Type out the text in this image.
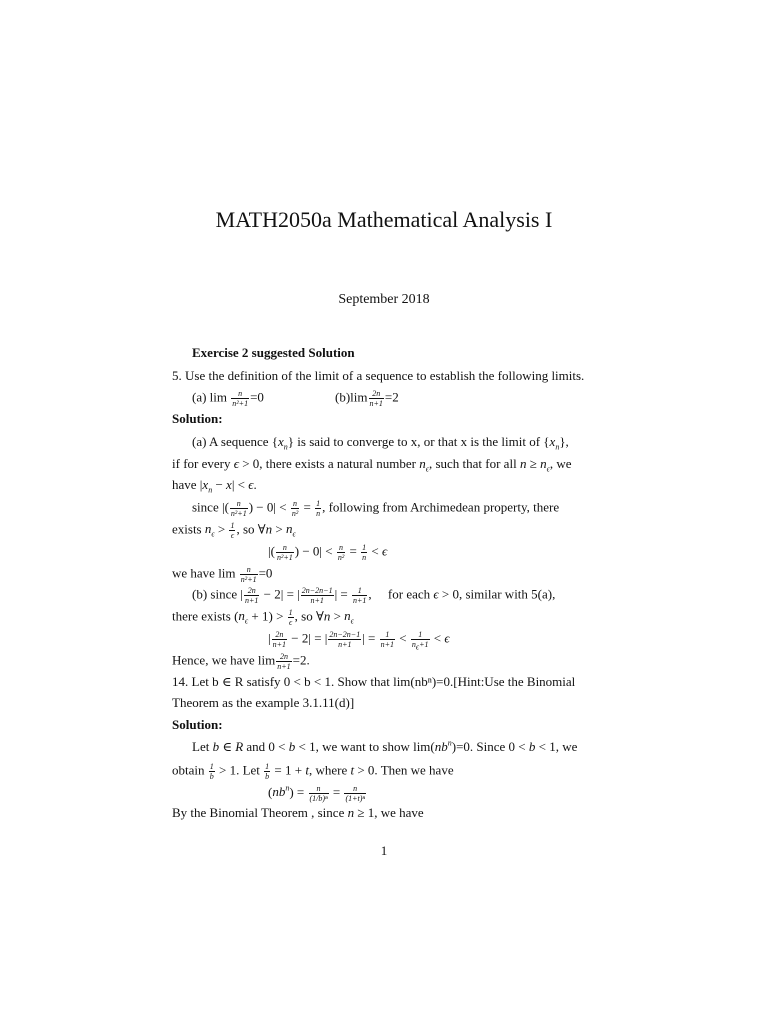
MATH2050a Mathematical Analysis I
September 2018
Exercise 2 suggested Solution
5. Use the definition of the limit of a sequence to establish the following limits.
(a) $\lim \frac{n}{\text{n²+1}} =0$	$(b)\lim \frac{2n}{n+1} =2$
Solution:
(a) A sequence $\{x_n\}$ is said to converge to x, or that x is the limit of $\{x_n\}$,
if for every ϵ > 0, there exists a natural number $n_\epsilon$, such that for all $n \ge n_\epsilon$, we
have $|x_n - x| < \epsilon$.
since |( $\frac{n}{\text{n²+1}}$ ) − $0| < \frac{n}{\text{n²}} = \frac{1}{n}$ , following from Archimedean property, there
exists $n_\epsilon > \frac{1}{\epsilon}$ , so ∀n > $n_\epsilon$
|( $\frac{n}{\text{n²+1}}$ ) − $0| < \frac{n}{\text{n²}} = \frac{1}{n} < \epsilon$
we have $\lim \frac{n}{\text{n²+1}} =0$
(b) since | $\frac{2n}{n+1} - 2|$ = | $\frac{2n-2n-1}{n+1}$ | = $\frac{1}{n+1}$ ,     for each ϵ > 0, similar with 5(a),
there exists $(n_\epsilon + 1) > \frac{1}{\epsilon}$ , so ∀n > $n_\epsilon$
| $\frac{2n}{n+1} - 2|$ = | $\frac{2n-2n-1}{n+1}$ | = $\frac{1}{n+1} < \frac{1}{n_\epsilon+1} < \epsilon$
Hence, we have $\lim \frac{2n}{n+1} =2$.
14. Let b ∈ R satisfy 0 < b < 1. Show that lim(nbⁿ)=0.[Hint:Use the Binomial
Theorem as the example 3.1.11(d)]
Solution:
Let b ∈ R and 0 < b < 1, we want to show $\lim(nb^n)=0$. Since 0 < b < 1, we
obtain $\frac{1}{b} > 1$. Let $\frac{1}{b} = 1 + t$, where t > 0. Then we have
$(nb^n) = \frac{n}{\text{(1/b)ⁿ}} = \frac{n}{\text{(1+t)ⁿ}}$
By the Binomial Theorem , since n ≥ 1, we have
1
